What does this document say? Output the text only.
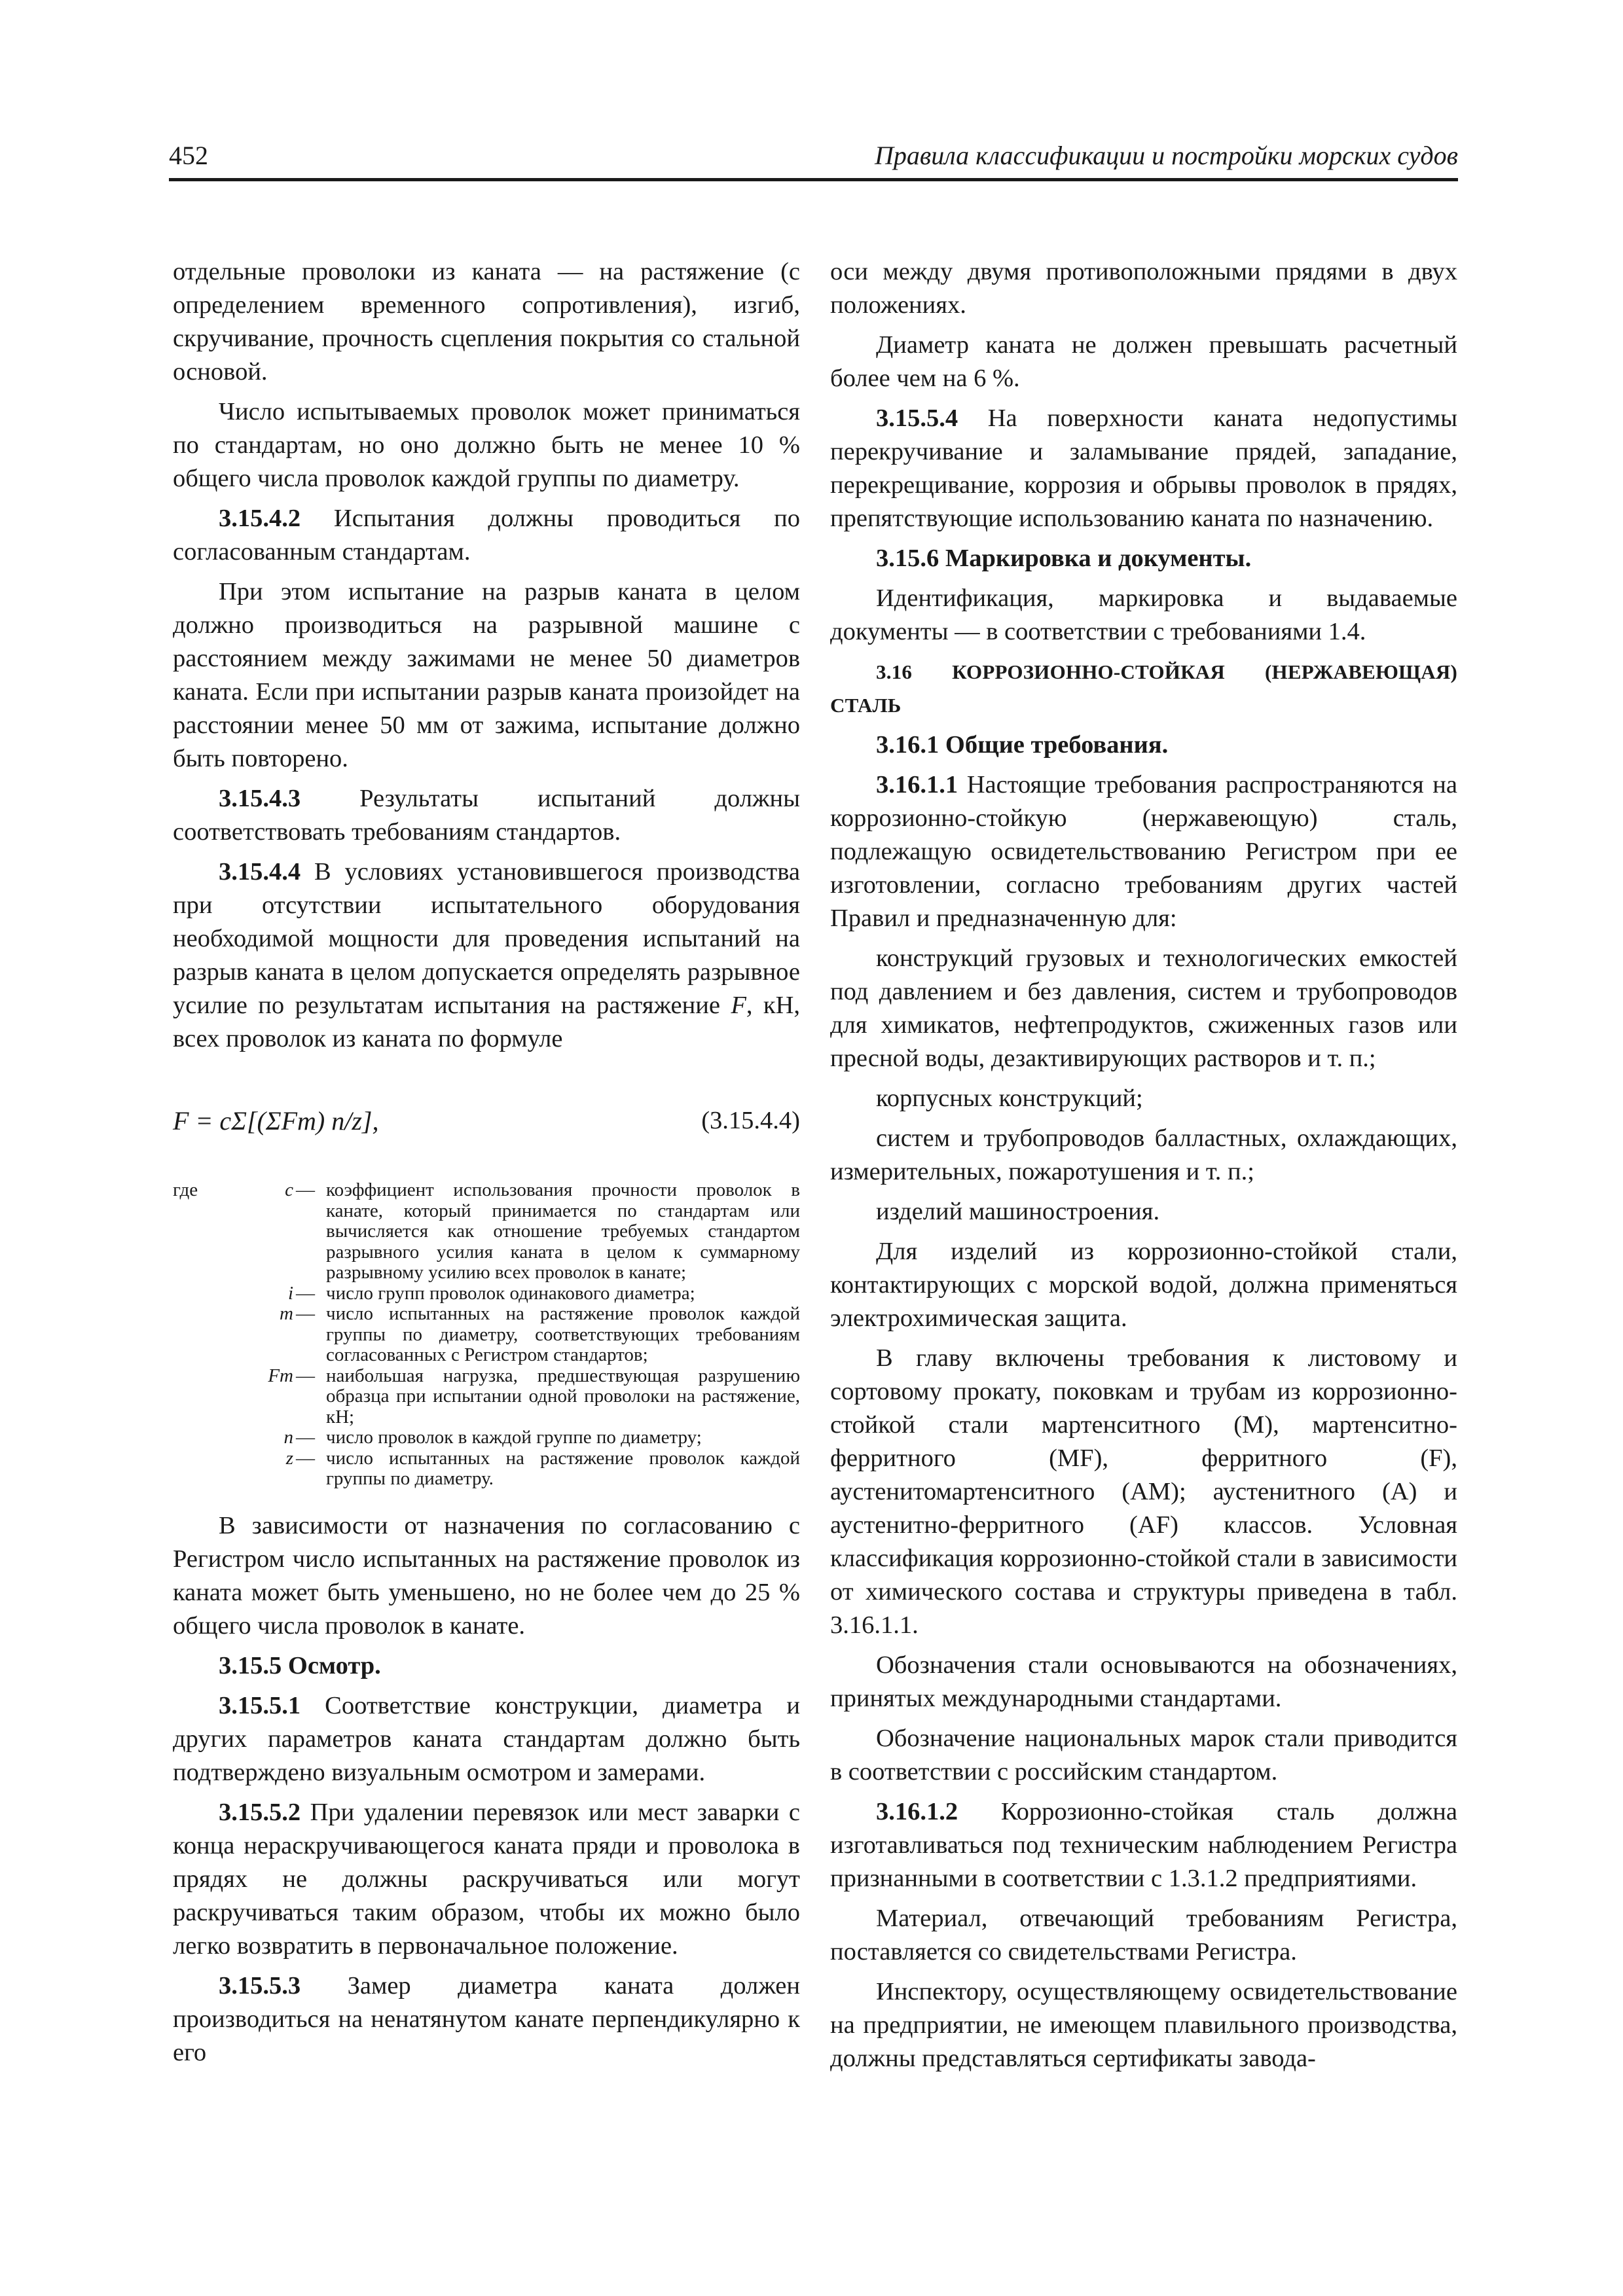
452	Правила классификации и постройки морских судов

отдельные проволоки из каната — на растяжение (с определением временного сопротивления), изгиб, скручивание, прочность сцепления покрытия со стальной основой.

Число испытываемых проволок может приниматься по стандартам, но оно должно быть не менее 10 % общего числа проволок каждой группы по диаметру.

3.15.4.2 Испытания должны проводиться по согласованным стандартам.

При этом испытание на разрыв каната в целом должно производиться на разрывной машине с расстоянием между зажимами не менее 50 диаметров каната. Если при испытании разрыв каната произойдет на расстоянии менее 50 мм от зажима, испытание должно быть повторено.

3.15.4.3 Результаты испытаний должны соответствовать требованиям стандартов.

3.15.4.4 В условиях установившегося производства при отсутствии испытательного оборудования необходимой мощности для проведения испытаний на разрыв каната в целом допускается определять разрывное усилие по результатам испытания на растяжение F, кН, всех проволок из каната по формуле

F = cΣ[(ΣFm) n/z],	(3.15.4.4)
где	c — коэффициент использования прочности проволок в канате, который принимается по стандартам или вычисляется как отношение требуемых стандартом разрывного усилия каната в целом к суммарному разрывному усилию всех проволок в канате;
i — число групп проволок одинакового диаметра;
m — число испытанных на растяжение проволок каждой группы по диаметру, соответствующих требованиям согласованных с Регистром стандартов;
Fm — наибольшая нагрузка, предшествующая разрушению образца при испытании одной проволоки на растяжение, кН;
n — число проволок в каждой группе по диаметру;
z — число испытанных на растяжение проволок каждой группы по диаметру.

В зависимости от назначения по согласованию с Регистром число испытанных на растяжение проволок из каната может быть уменьшено, но не более чем до 25 % общего числа проволок в канате.

3.15.5 Осмотр.

3.15.5.1 Соответствие конструкции, диаметра и других параметров каната стандартам должно быть подтверждено визуальным осмотром и замерами.

3.15.5.2 При удалении перевязок или мест заварки с конца нераскручивающегося каната пряди и проволока в прядях не должны раскручиваться или могут раскручиваться таким образом, чтобы их можно было легко возвратить в первоначальное положение.

3.15.5.3 Замер диаметра каната должен производиться на ненатянутом канате перпендикулярно к его

оси между двумя противоположными прядями в двух положениях.

Диаметр каната не должен превышать расчетный более чем на 6 %.

3.15.5.4 На поверхности каната недопустимы перекручивание и заламывание прядей, западание, перекрещивание, коррозия и обрывы проволок в прядях, препятствующие использованию каната по назначению.

3.15.6 Маркировка и документы.

Идентификация, маркировка и выдаваемые документы — в соответствии с требованиями 1.4.

3.16 КОРРОЗИОННО-СТОЙКАЯ (НЕРЖАВЕЮЩАЯ) СТАЛЬ

3.16.1 Общие требования.

3.16.1.1 Настоящие требования распространяются на коррозионно-стойкую (нержавеющую) сталь, подлежащую освидетельствованию Регистром при ее изготовлении, согласно требованиям других частей Правил и предназначенную для:

конструкций грузовых и технологических емкостей под давлением и без давления, систем и трубопроводов для химикатов, нефтепродуктов, сжиженных газов или пресной воды, дезактивирующих растворов и т. п.;

корпусных конструкций;

систем и трубопроводов балластных, охлаждающих, измерительных, пожаротушения и т. п.;

изделий машиностроения.

Для изделий из коррозионно-стойкой стали, контактирующих с морской водой, должна применяться электрохимическая защита.

В главу включены требования к листовому и сортовому прокату, поковкам и трубам из коррозионно-стойкой стали мартенситного (M), мартенситно-ферритного (MF), ферритного (F), аустенитомартенситного (AM); аустенитного (A) и аустенитно-ферритного (AF) классов. Условная классификация коррозионно-стойкой стали в зависимости от химического состава и структуры приведена в табл. 3.16.1.1.

Обозначения стали основываются на обозначениях, принятых международными стандартами.

Обозначение национальных марок стали приводится в соответствии с российским стандартом.

3.16.1.2 Коррозионно-стойкая сталь должна изготавливаться под техническим наблюдением Регистра признанными в соответствии с 1.3.1.2 предприятиями.

Материал, отвечающий требованиям Регистра, поставляется со свидетельствами Регистра.

Инспектору, осуществляющему освидетельствование на предприятии, не имеющем плавильного производства, должны представляться сертификаты завода-
